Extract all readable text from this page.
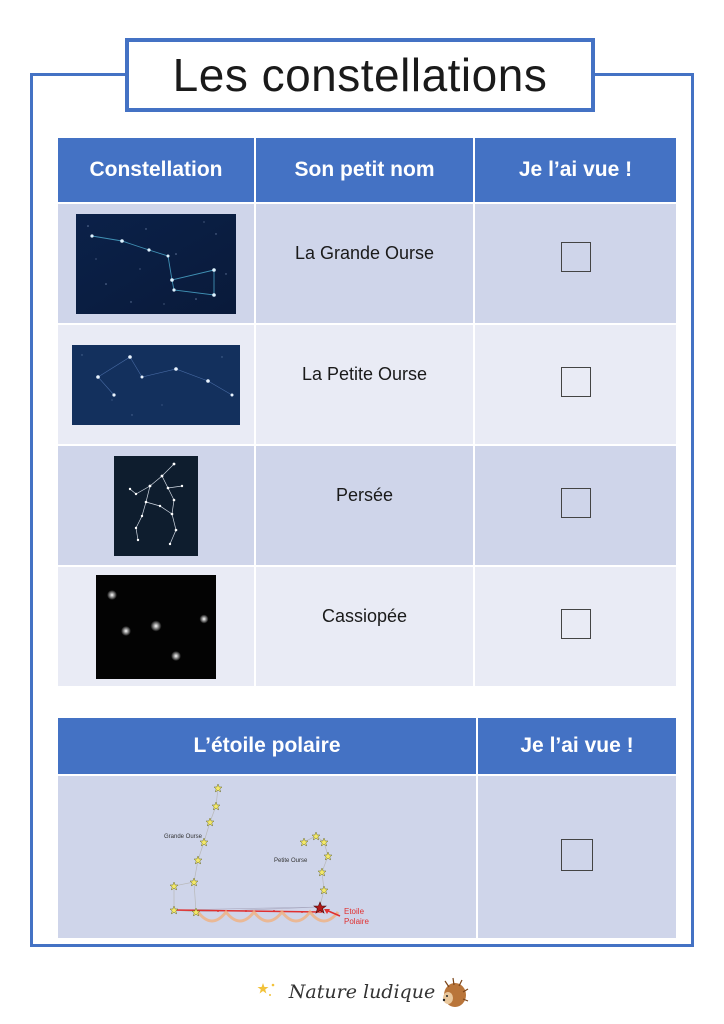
Les constellations
Constellation	Son petit nom	Je l’ai vue !

	La Grande Ourse	

	La Petite Ourse	

	Persée	

	Cassiopée	
L’étoile polaire	Je l’ai vue !

Grande Ourse
Petite Ourse
Etoile
Polaire	

Nature ludique
